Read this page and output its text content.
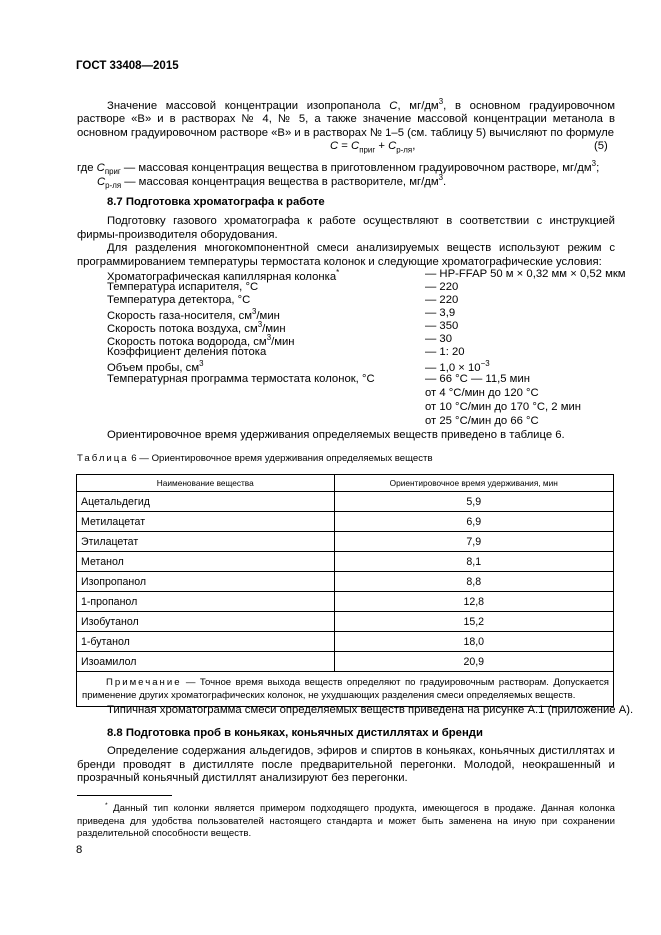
ГОСТ 33408—2015
Значение массовой концентрации изопропанола C, $мг/дм^3$, в основном градуировочном растворе «В» и в растворах № 4, № 5, а также значение массовой концентрации метанола в основном градуировочном растворе «В» и в растворах № 1–5 (см. таблицу 5) вычисляют по формуле
$C = C_{приг} + C_{р-ля}$,	(5)
где $C_{приг}$ — массовая концентрация вещества в приготовленном градуировочном растворе, $мг/дм^3$;
$C_{р-ля}$ — массовая концентрация вещества в растворителе, $мг/дм^3$.
8.7 Подготовка хроматографа к работе
Подготовку газового хроматографа к работе осуществляют в соответствии с инструкцией фирмы-производителя оборудования.
Для разделения многокомпонентной смеси анализируемых веществ используют режим с программированием температуры термостата колонок и следующие хроматографические условия:
Хроматографическая капиллярная колонка*	— HP-FFAP 50 м × 0,32 мм × 0,52 мкм
Температура испарителя, °С	— 220
Температура детектора, °С	— 220
Скорость газа-носителя, $см^3$/мин	— 3,9
Скорость потока воздуха, $см^3$/мин	— 350
Скорость потока водорода, $см^3$/мин	— 30
Коэффициент деления потока	— 1: 20
Объем пробы, $см^3$	— $1,0 \times 10^{-3}$
Температурная программа термостата колонок, °С	— 66 °С — 11,5 мин
от 4 °С/мин до 120 °С
от 10 °С/мин до 170 °С, 2 мин
от 25 °С/мин до 66 °С
Ориентировочное время удерживания определяемых веществ приведено в таблице 6.
Таблица 6 — Ориентировочное время удерживания определяемых веществ
Наименование вещества	Ориентировочное время удерживания, мин
Ацетальдегид	5,9
Метилацетат	6,9
Этилацетат	7,9
Метанол	8,1
Изопропанол	8,8
1-пропанол	12,8
Изобутанол	15,2
1-бутанол	18,0
Изоамилол	20,9
Примечание — Точное время выхода веществ определяют по градуировочным растворам. Допускается применение других хроматографических колонок, не ухудшающих разделения смеси определяемых веществ.	
Типичная хроматограмма смеси определяемых веществ приведена на рисунке А.1 (приложение А).
8.8 Подготовка проб в коньяках, коньячных дистиллятах и бренди
Определение содержания альдегидов, эфиров и спиртов в коньяках, коньячных дистиллятах и бренди проводят в дистилляте после предварительной перегонки. Молодой, неокрашенный и прозрачный коньячный дистиллят анализируют без перегонки.
* Данный тип колонки является примером подходящего продукта, имеющегося в продаже. Данная колонка приведена для удобства пользователей настоящего стандарта и может быть заменена на иную при сохранении разделительной способности веществ.
8
